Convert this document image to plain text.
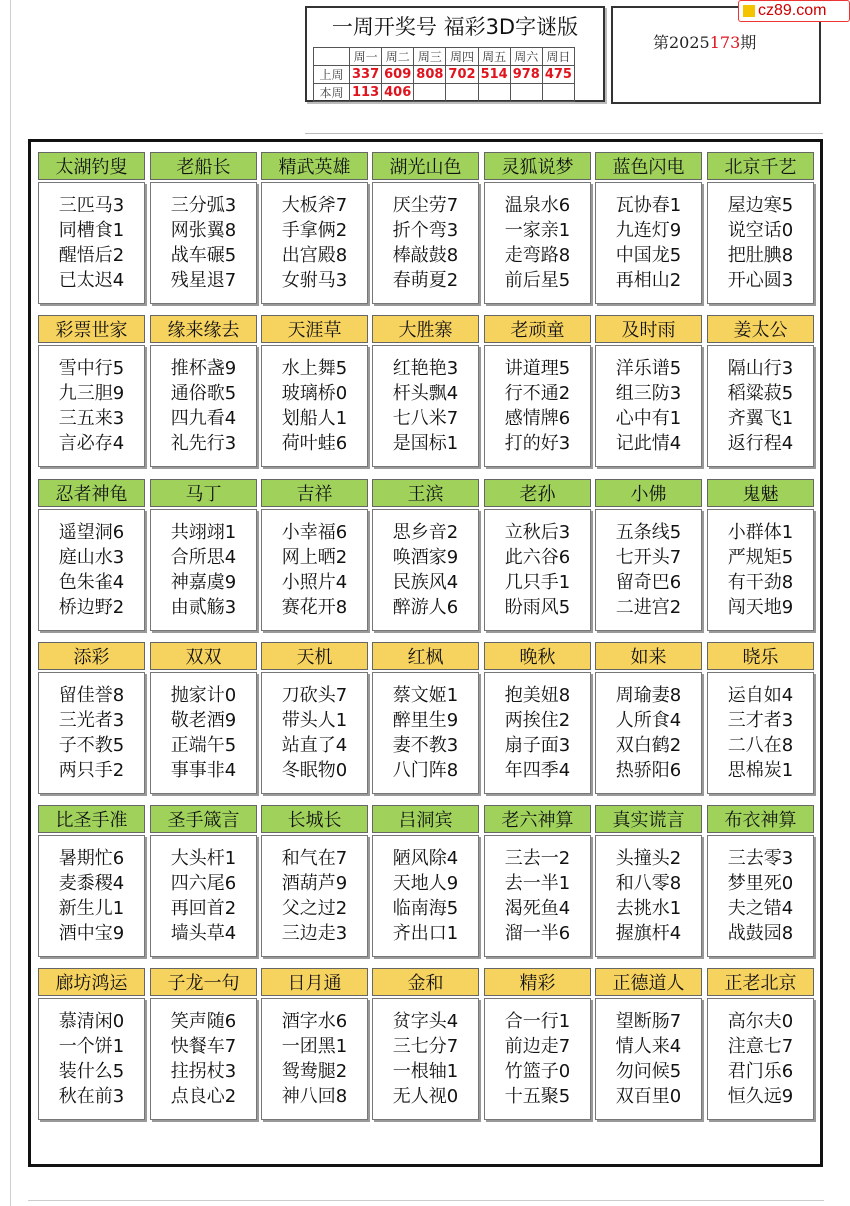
一周开奖号 福彩3D字谜版
	周一	周二	周三	周四	周五	周六	周日
上周	337	609	808	702	514	978	475
本周	113	406					
第2025173期
cz89.com
太湖钓叟
三匹马3
同槽食1
醒悟后2
已太迟4
老船长
三分弧3
网张翼8
战车碾5
残星退7
精武英雄
大板斧7
手拿俩2
出宫殿8
女驸马3
湖光山色
厌尘劳7
折个弯3
棒敲鼓8
春萌夏2
灵狐说梦
温泉水6
一家亲1
走弯路8
前后星5
蓝色闪电
瓦协春1
九连灯9
中国龙5
再相山2
北京千艺
屋边寒5
说空话0
把肚腆8
开心圆3
彩票世家
雪中行5
九三胆9
三五来3
言必存4
缘来缘去
推杯盏9
通俗歌5
四九看4
礼先行3
天涯草
水上舞5
玻璃桥0
划船人1
荷叶蛙6
大胜寨
红艳艳3
杆头飘4
七八米7
是国标1
老顽童
讲道理5
行不通2
感情牌6
打的好3
及时雨
洋乐谱5
组三防3
心中有1
记此情4
姜太公
隔山行3
稻粱菽5
齐翼飞1
返行程4
忍者神龟
遥望洞6
庭山水3
色朱雀4
桥边野2
马丁
共翊翊1
合所思4
神嘉虞9
由贰觞3
吉祥
小幸福6
网上晒2
小照片4
赛花开8
王滨
思乡音2
唤酒家9
民族风4
醉游人6
老孙
立秋后3
此六谷6
几只手1
盼雨风5
小佛
五条线5
七开头7
留奇巴6
二进宫2
鬼魅
小群体1
严规矩5
有干劲8
闯天地9
添彩
留佳誉8
三光者3
子不教5
两只手2
双双
抛家计0
敬老酒9
正端午5
事事非4
天机
刀砍头7
带头人1
站直了4
冬眠物0
红枫
蔡文姬1
醉里生9
妻不教3
八门阵8
晚秋
抱美妞8
两挨住2
扇子面3
年四季4
如来
周瑜妻8
人所食4
双白鹤2
热骄阳6
晓乐
运自如4
三才者3
二八在8
思棉炭1
比圣手准
暑期忙6
麦黍稷4
新生儿1
酒中宝9
圣手箴言
大头杆1
四六尾6
再回首2
墙头草4
长城长
和气在7
酒葫芦9
父之过2
三边走3
吕洞宾
陋风除4
天地人9
临南海5
齐出口1
老六神算
三去一2
去一半1
渴死鱼4
溜一半6
真实谎言
头撞头2
和八零8
去挑水1
握旗杆4
布衣神算
三去零3
梦里死0
夫之错4
战鼓园8
廊坊鸿运
慕清闲0
一个饼1
装什么5
秋在前3
子龙一句
笑声随6
快餐车7
拄拐杖3
点良心2
日月通
酒字水6
一团黑1
鸳鸯腿2
神八回8
金和
贫字头4
三七分7
一根轴1
无人视0
精彩
合一行1
前边走7
竹篮子0
十五聚5
正德道人
望断肠7
情人来4
勿问候5
双百里0
正老北京
高尔夫0
注意七7
君门乐6
恒久远9
